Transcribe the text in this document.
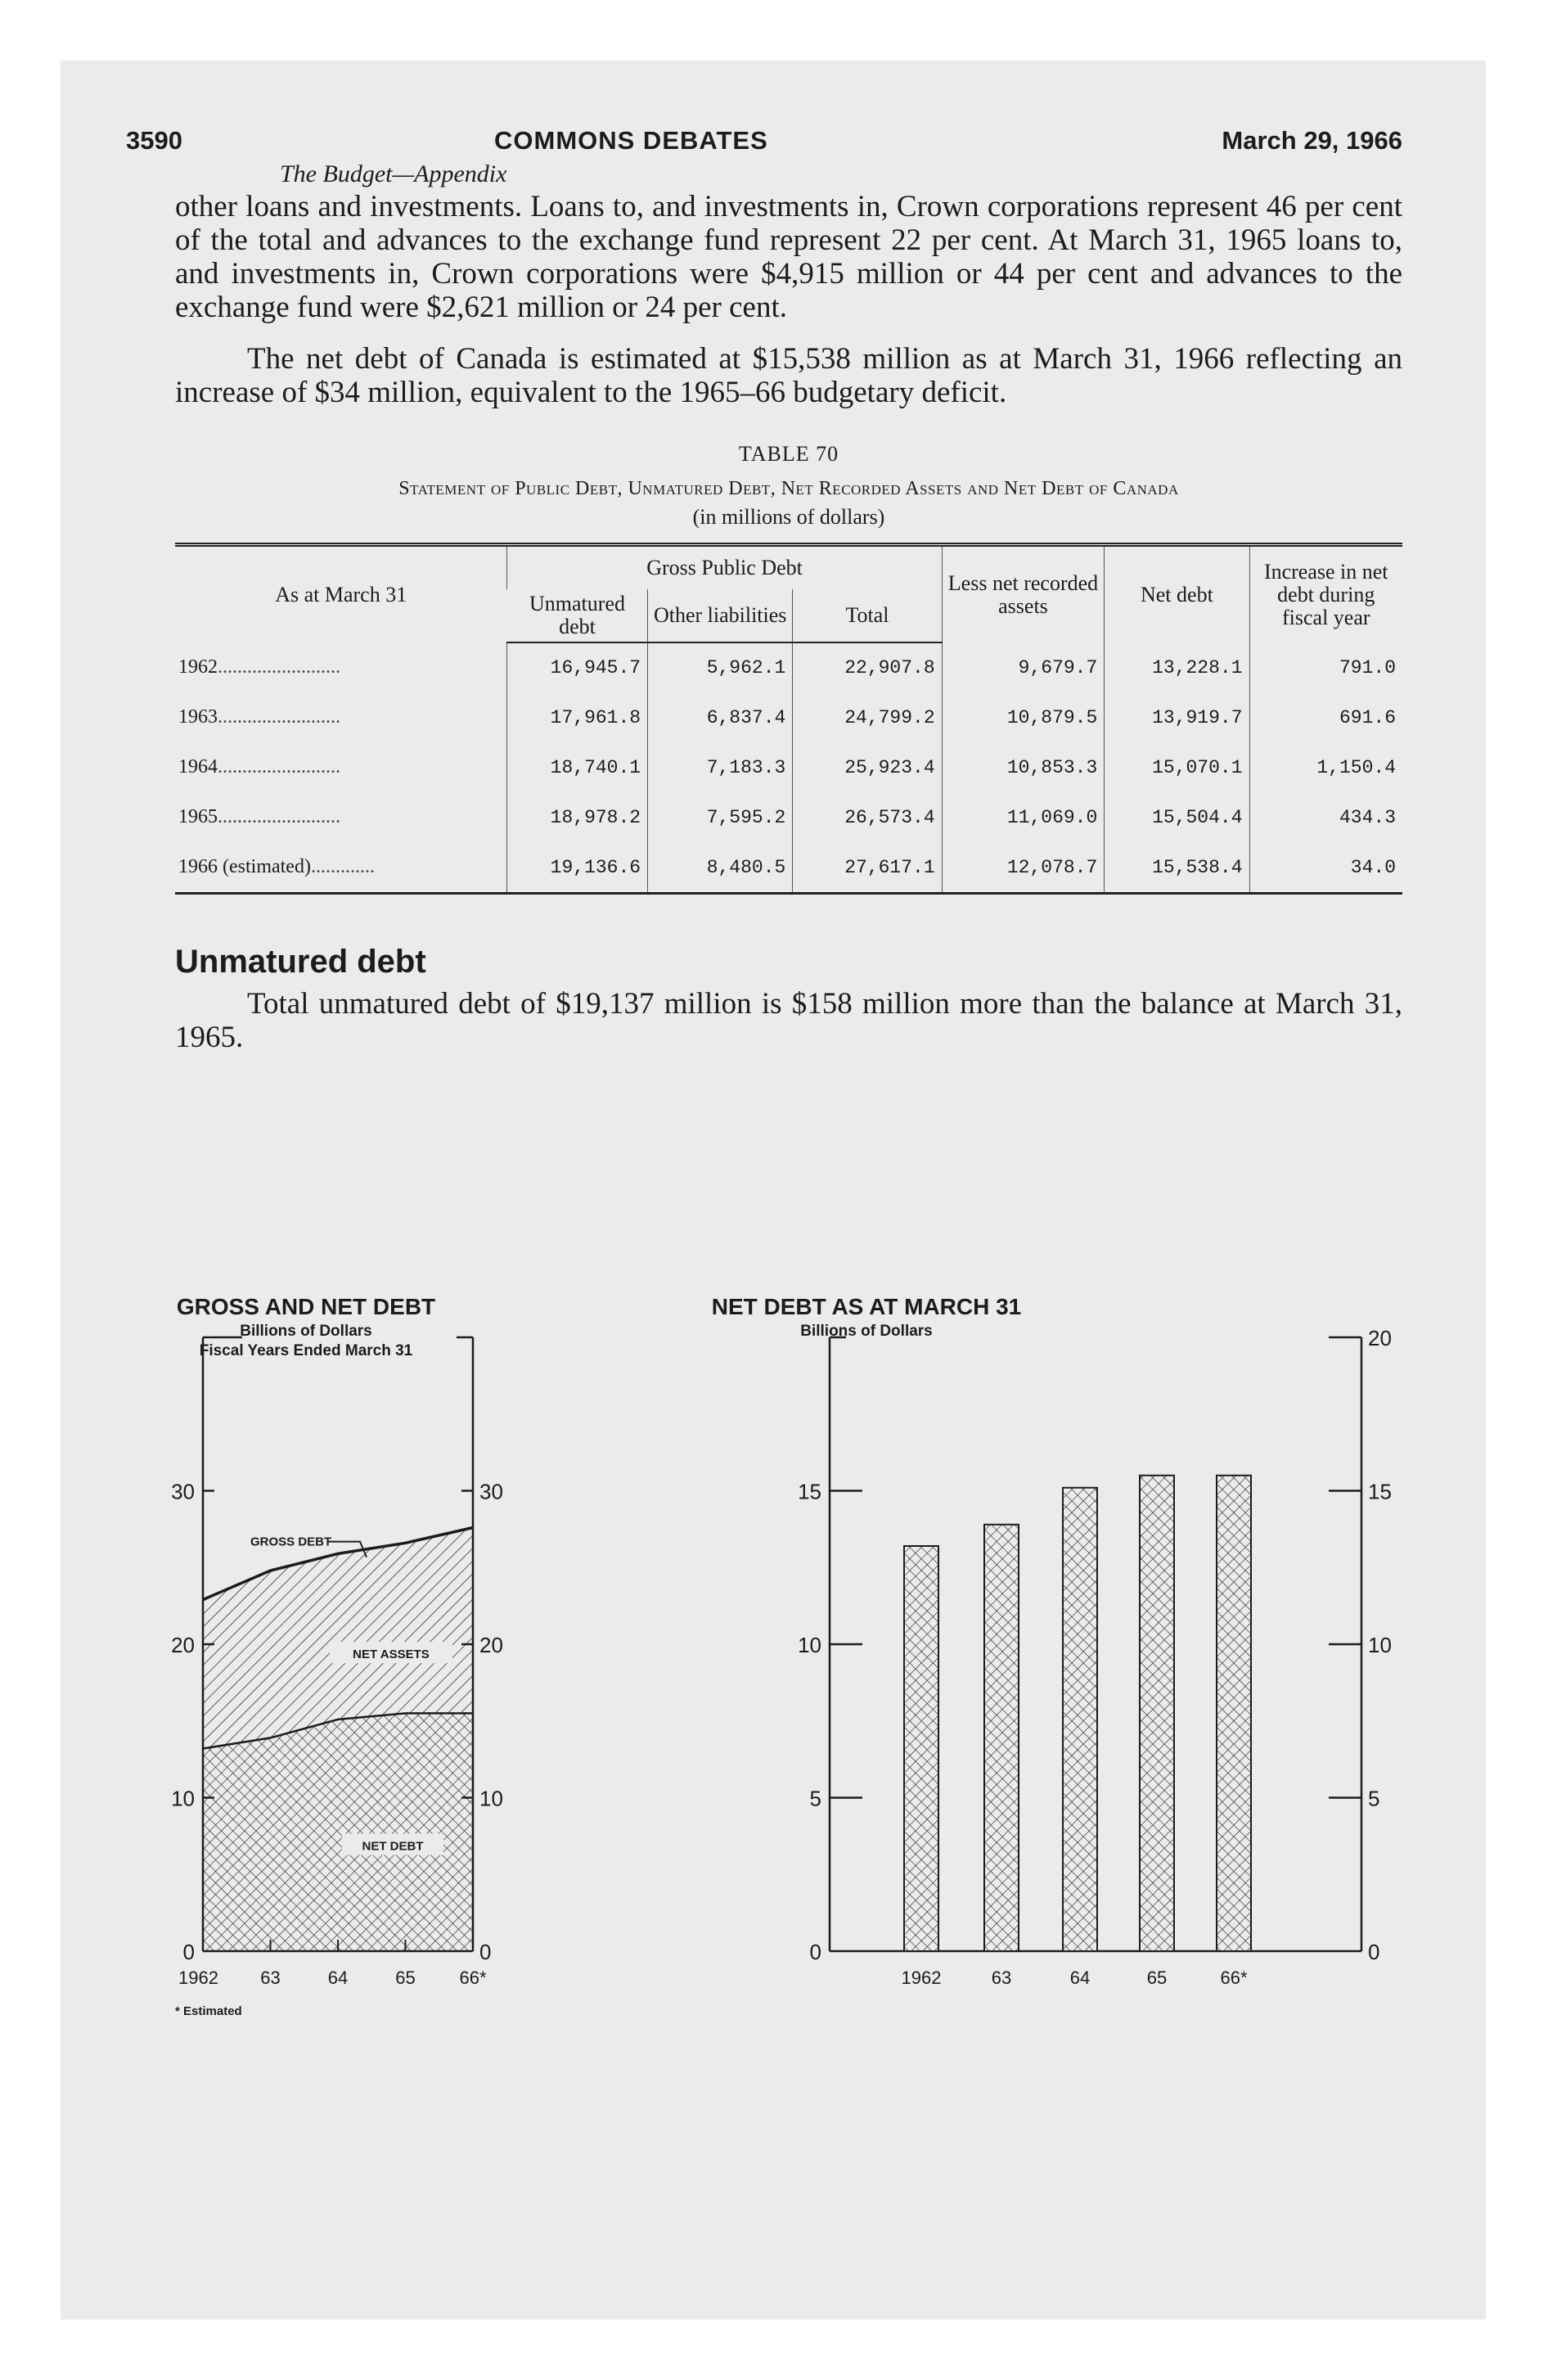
3590	COMMONS DEBATES	March 29, 1966
The Budget—Appendix

other loans and investments. Loans to, and investments in, Crown corporations represent 46 per cent of the total and advances to the exchange fund represent 22 per cent. At March 31, 1965 loans to, and investments in, Crown corporations were $4,915 million or 44 per cent and advances to the exchange fund were $2,621 million or 24 per cent.

The net debt of Canada is estimated at $15,538 million as at March 31, 1966 reflecting an increase of $34 million, equivalent to the 1965–66 budgetary deficit.

TABLE 70
Statement of Public Debt, Unmatured Debt, Net Recorded Assets and Net Debt of Canada
(in millions of dollars)
As at March 31	Gross Public Debt			Less net recorded assets	Net debt	Increase in net debt during fiscal year
	Unmatured debt	Other liabilities	Total			
1962.........................	16,945.7	5,962.1	22,907.8	9,679.7	13,228.1	791.0
1963.........................	17,961.8	6,837.4	24,799.2	10,879.5	13,919.7	691.6
1964.........................	18,740.1	7,183.3	25,923.4	10,853.3	15,070.1	1,150.4
1965.........................	18,978.2	7,595.2	26,573.4	11,069.0	15,504.4	434.3
1966 (estimated).............	19,136.6	8,480.5	27,617.1	12,078.7	15,538.4	34.0
Unmatured debt

Total unmatured debt of $19,137 million is $158 million more than the balance at March 31, 1965.

GROSS AND NET DEBT
Billions of Dollars
Fiscal Years Ended March 31
* Estimated
NET DEBT AS AT MARCH 31
Billions of Dollars
0	0
10	10
20	20
30	30
1962 63	64	65 66*
GROSS DEBT
NET ASSETS
NET DEBT
0	0
5	5
10	10
15	15
20
1962	63	64	65	66*
